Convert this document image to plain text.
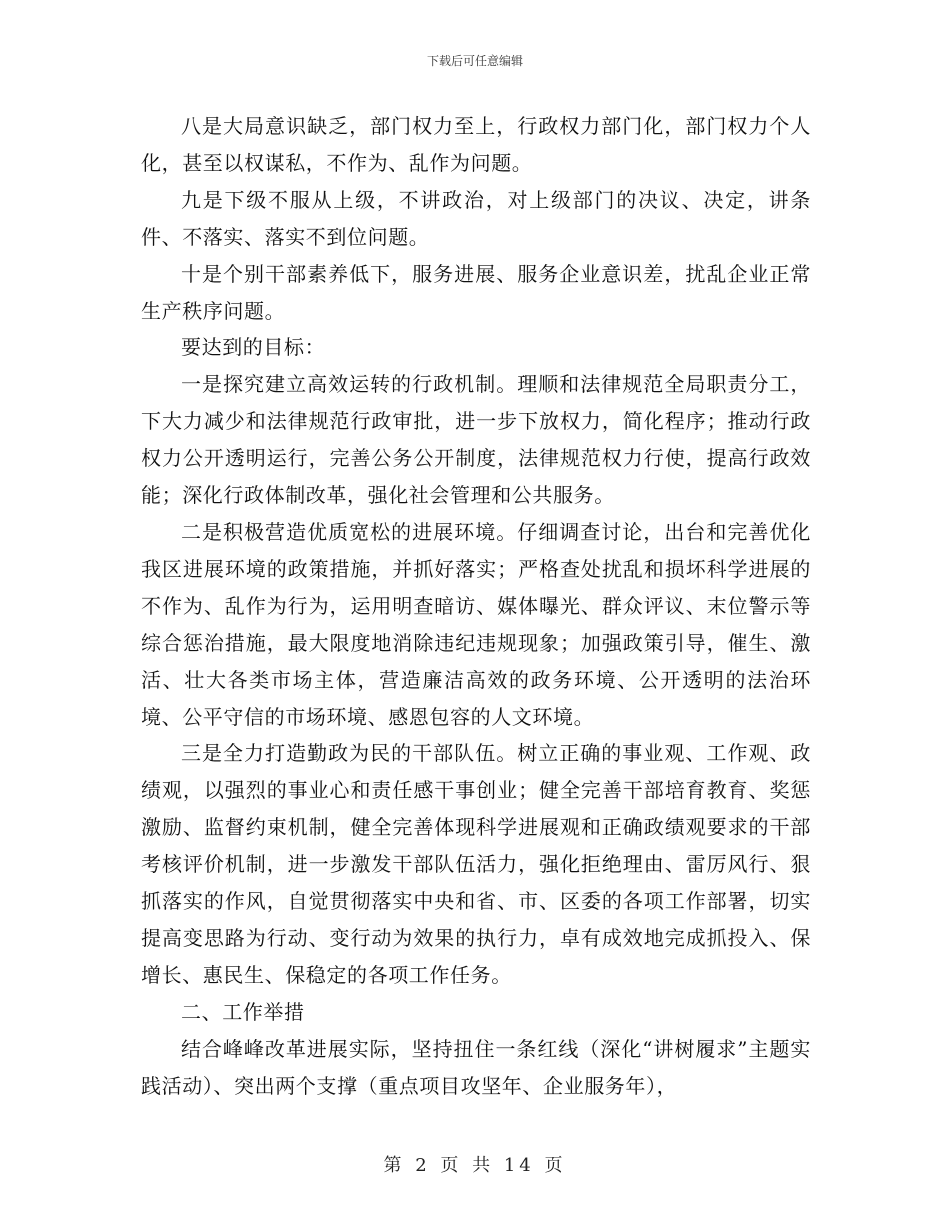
下载后可任意编辑

八是大局意识缺乏，部门权力至上，行政权力部门化，部门权力个人化，甚至以权谋私，不作为、乱作为问题。

九是下级不服从上级，不讲政治，对上级部门的决议、决定，讲条件、不落实、落实不到位问题。

十是个别干部素养低下，服务进展、服务企业意识差，扰乱企业正常生产秩序问题。

要达到的目标：

一是探究建立高效运转的行政机制。理顺和法律规范全局职责分工，下大力减少和法律规范行政审批，进一步下放权力，简化程序；推动行政权力公开透明运行，完善公务公开制度，法律规范权力行使，提高行政效能；深化行政体制改革，强化社会管理和公共服务。

二是积极营造优质宽松的进展环境。仔细调查讨论，出台和完善优化我区进展环境的政策措施，并抓好落实；严格查处扰乱和损坏科学进展的不作为、乱作为行为，运用明查暗访、媒体曝光、群众评议、末位警示等综合惩治措施，最大限度地消除违纪违规现象；加强政策引导，催生、激活、壮大各类市场主体，营造廉洁高效的政务环境、公开透明的法治环境、公平守信的市场环境、感恩包容的人文环境。

三是全力打造勤政为民的干部队伍。树立正确的事业观、工作观、政绩观，以强烈的事业心和责任感干事创业；健全完善干部培育教育、奖惩激励、监督约束机制，健全完善体现科学进展观和正确政绩观要求的干部考核评价机制，进一步激发干部队伍活力，强化拒绝理由、雷厉风行、狠抓落实的作风，自觉贯彻落实中央和省、市、区委的各项工作部署，切实提高变思路为行动、变行动为效果的执行力，卓有成效地完成抓投入、保增长、惠民生、保稳定的各项工作任务。

二、工作举措

结合峰峰改革进展实际，坚持扭住一条红线（深化“讲树履求”主题实践活动）、突出两个支撑（重点项目攻坚年、企业服务年），

第 2 页 共 14 页
